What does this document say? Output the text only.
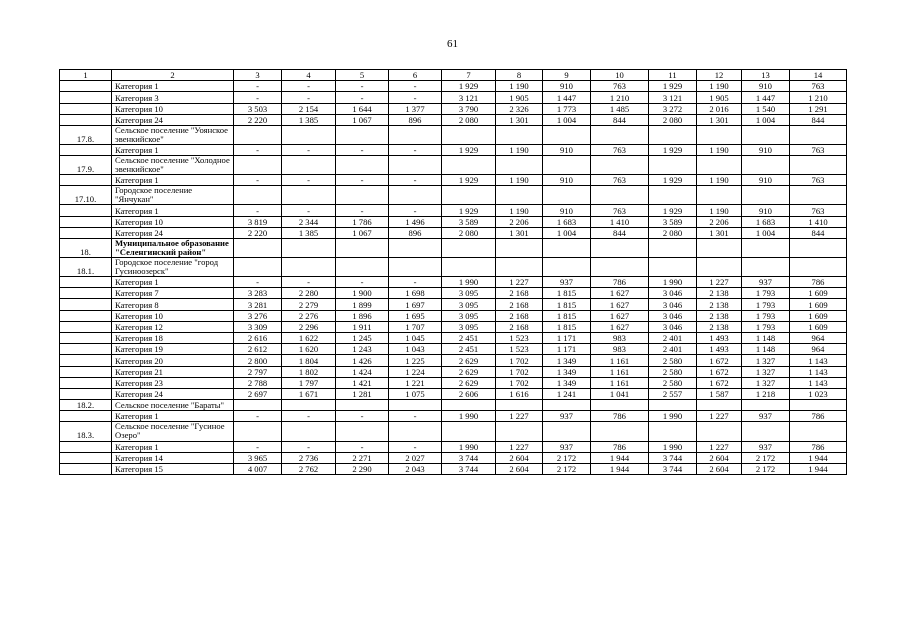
61
1	2	3	4	5	6	7	8	9	10	11	12	13	14
	Категория 1	-	-	-	-	1 929	1 190	910	763	1 929	1 190	910	763
	Категория 3	-	-	-	-	3 121	1 905	1 447	1 210	3 121	1 905	1 447	1 210
	Категория 10	3 503	2 154	1 644	1 377	3 790	2 326	1 773	1 485	3 272	2 016	1 540	1 291
	Категория 24	2 220	1 385	1 067	896	2 080	1 301	1 004	844	2 080	1 301	1 004	844
17.8.	Сельское поселение "Уоянское эвенкийское"												
	Категория 1	-	-	-	-	1 929	1 190	910	763	1 929	1 190	910	763
17.9.	Сельское поселение "Холодное эвенкийское"												
	Категория 1	-	-	-	-	1 929	1 190	910	763	1 929	1 190	910	763
17.10.	Городское поселение "Янчукан"												
	Категория 1	-	-	-	-	1 929	1 190	910	763	1 929	1 190	910	763
	Категория 10	3 819	2 344	1 786	1 496	3 589	2 206	1 683	1 410	3 589	2 206	1 683	1 410
	Категория 24	2 220	1 385	1 067	896	2 080	1 301	1 004	844	2 080	1 301	1 004	844
18.	Муниципальное образование "Селенгинский район"												
18.1.	Городское поселение "город Гусиноозерск"												
	Категория 1	-	-	-	-	1 990	1 227	937	786	1 990	1 227	937	786
	Категория 7	3 283	2 280	1 900	1 698	3 095	2 168	1 815	1 627	3 046	2 138	1 793	1 609
	Категория 8	3 281	2 279	1 899	1 697	3 095	2 168	1 815	1 627	3 046	2 138	1 793	1 609
	Категория 10	3 276	2 276	1 896	1 695	3 095	2 168	1 815	1 627	3 046	2 138	1 793	1 609
	Категория 12	3 309	2 296	1 911	1 707	3 095	2 168	1 815	1 627	3 046	2 138	1 793	1 609
	Категория 18	2 616	1 622	1 245	1 045	2 451	1 523	1 171	983	2 401	1 493	1 148	964
	Категория 19	2 612	1 620	1 243	1 043	2 451	1 523	1 171	983	2 401	1 493	1 148	964
	Категория 20	2 800	1 804	1 426	1 225	2 629	1 702	1 349	1 161	2 580	1 672	1 327	1 143
	Категория 21	2 797	1 802	1 424	1 224	2 629	1 702	1 349	1 161	2 580	1 672	1 327	1 143
	Категория 23	2 788	1 797	1 421	1 221	2 629	1 702	1 349	1 161	2 580	1 672	1 327	1 143
	Категория 24	2 697	1 671	1 281	1 075	2 606	1 616	1 241	1 041	2 557	1 587	1 218	1 023
18.2.	Сельское поселение "Бараты"												
	Категория 1	-	-	-	-	1 990	1 227	937	786	1 990	1 227	937	786
18.3.	Сельское поселение "Гусиное Озеро"												
	Категория 1	-	-	-	-	1 990	1 227	937	786	1 990	1 227	937	786
	Категория 14	3 965	2 736	2 271	2 027	3 744	2 604	2 172	1 944	3 744	2 604	2 172	1 944
	Категория 15	4 007	2 762	2 290	2 043	3 744	2 604	2 172	1 944	3 744	2 604	2 172	1 944
